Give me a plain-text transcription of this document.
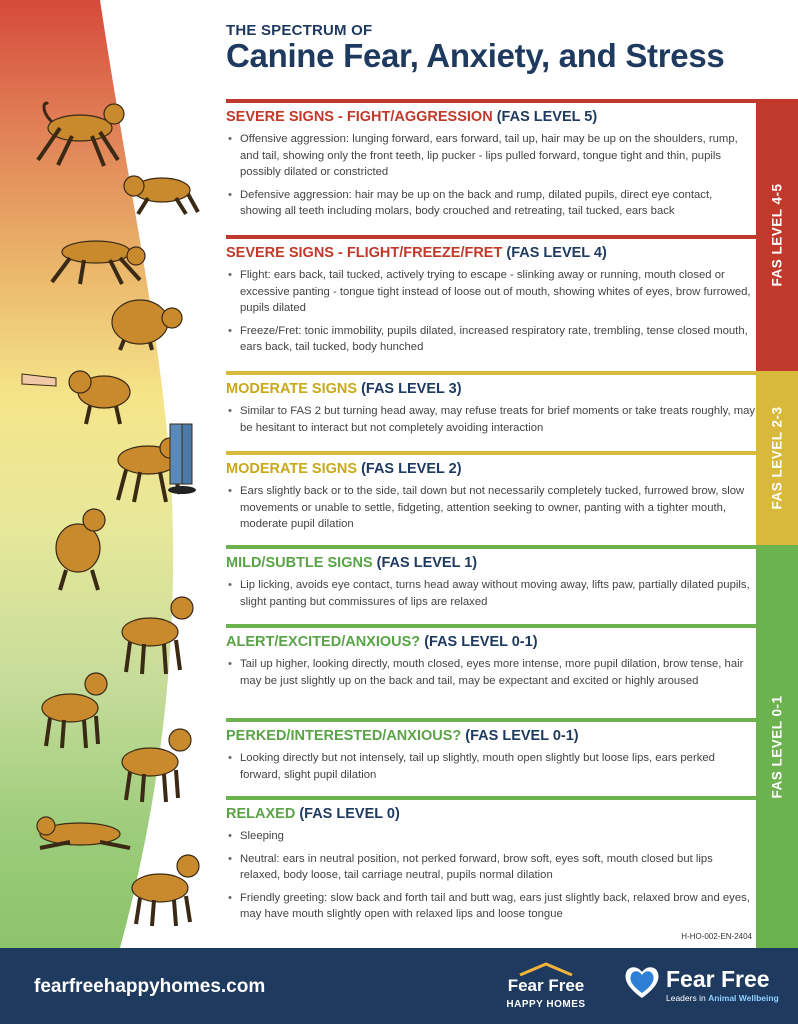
THE SPECTRUM OF
Canine Fear, Anxiety, and Stress
SEVERE SIGNS - FIGHT/AGGRESSION (FAS LEVEL 5)
• Offensive aggression: lunging forward, ears forward, tail up, hair may be up on the shoulders, rump, and tail, showing only the front teeth, lip pucker - lips pulled forward, tongue tight and thin, pupils possibly dilated or constricted
• Defensive aggression: hair may be up on the back and rump, dilated pupils, direct eye contact, showing all teeth including molars, body crouched and retreating, tail tucked, ears back
SEVERE SIGNS - FLIGHT/FREEZE/FRET (FAS LEVEL 4)
• Flight: ears back, tail tucked, actively trying to escape - slinking away or running, mouth closed or excessive panting - tongue tight instead of loose out of mouth, showing whites of eyes, brow furrowed, pupils dilated
• Freeze/Fret: tonic immobility, pupils dilated, increased respiratory rate, trembling, tense closed mouth, ears back, tail tucked, body hunched
MODERATE SIGNS (FAS LEVEL 3)
• Similar to FAS 2 but turning head away, may refuse treats for brief moments or take treats roughly, may be hesitant to interact but not completely avoiding interaction
MODERATE SIGNS (FAS LEVEL 2)
• Ears slightly back or to the side, tail down but not necessarily completely tucked, furrowed brow, slow movements or unable to settle, fidgeting, attention seeking to owner, panting with a tighter mouth, moderate pupil dilation
MILD/SUBTLE SIGNS (FAS LEVEL 1)
• Lip licking, avoids eye contact, turns head away without moving away, lifts paw, partially dilated pupils, slight panting but commissures of lips are relaxed
ALERT/EXCITED/ANXIOUS? (FAS LEVEL 0-1)
• Tail up higher, looking directly, mouth closed, eyes more intense, more pupil dilation, brow tense, hair may be just slightly up on the back and tail, may be expectant and excited or highly aroused
PERKED/INTERESTED/ANXIOUS? (FAS LEVEL 0-1)
• Looking directly but not intensely, tail up slightly, mouth open slightly but loose lips, ears perked forward, slight pupil dilation
RELAXED (FAS LEVEL 0)
• Sleeping
• Neutral: ears in neutral position, not perked forward, brow soft, eyes soft, mouth closed but lips relaxed, body loose, tail carriage neutral, pupils normal dilation
• Friendly greeting: slow back and forth tail and butt wag, ears just slightly back, relaxed brow and eyes, may have mouth slightly open with relaxed lips and loose tongue
FAS LEVEL 4-5
FAS LEVEL 2-3
FAS LEVEL 0-1
H-HO-002-EN-2404
fearfreehappyhomes.com	Fear Free
HAPPY HOMES
Fear Free
Leaders in Animal Wellbeing
